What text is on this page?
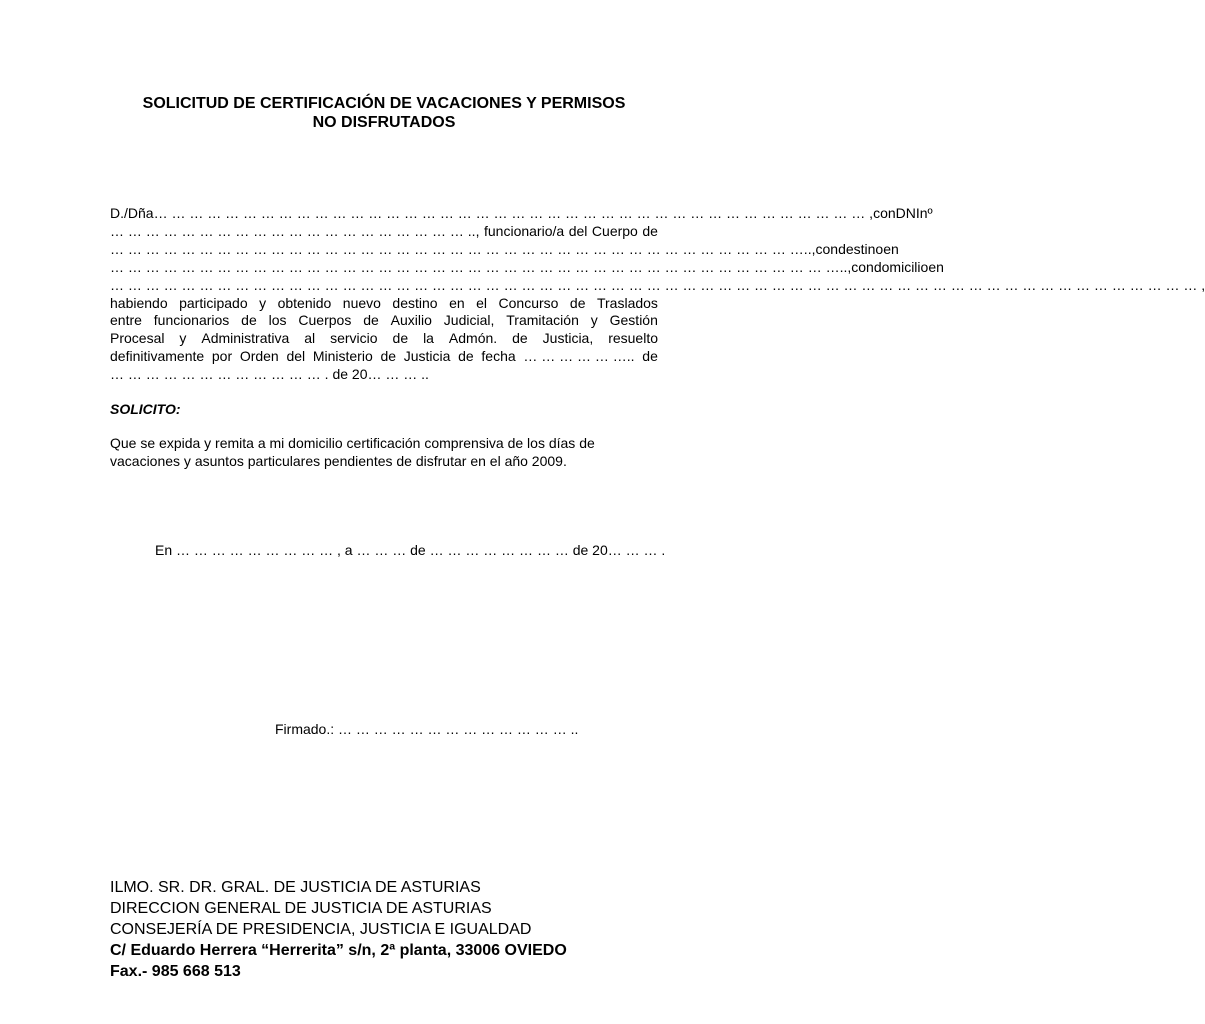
SOLICITUD DE CERTIFICACIÓN DE VACACIONES Y PERMISOS
NO DISFRUTADOS
D./Dña … … … … … … … … … … … … … … … … … … … … … … … … … … … … … … … … … … … … … … … … , con DNI nº
… … … … … … … … … … … … … … … … … … … … .., funcionario/a del Cuerpo de
… … … … … … … … … … … … … … … … … … … … … … … … … … … … … … … … … … … … … … ….., con destino en
… … … … … … … … … … … … … … … … … … … … … … … … … … … … … … … … … … … … … … … … ….., con domicilio en
… … … … … … … … … … … … … … … … … … … … … … … … … … … … … … … … … … … … … … … … … … … … … … … … … … … … … … … … … … … … … ,
habiendo participado y obtenido nuevo destino en el Concurso de Traslados
entre funcionarios de los Cuerpos de Auxilio Judicial, Tramitación y Gestión
Procesal y Administrativa al servicio de la Admón. de Justicia, resuelto
definitivamente por Orden del Ministerio de Justicia de fecha … … … … … ….. de
… … … … … … … … … … … … . de 20… … … ..
SOLICITO:
Que se expida y remita a mi domicilio certificación comprensiva de los días de
vacaciones y asuntos particulares pendientes de disfrutar en el año 2009.
En … … … … … … … … … , a … … … de … … … … … … … … de 20… … … .
Firmado.: … … … … … … … … … … … … … ..
ILMO. SR. DR. GRAL. DE JUSTICIA DE ASTURIAS
DIRECCION GENERAL DE JUSTICIA DE ASTURIAS
CONSEJERÍA DE PRESIDENCIA, JUSTICIA E IGUALDAD
C/ Eduardo Herrera “Herrerita” s/n, 2ª planta, 33006 OVIEDO
Fax.- 985 668 513
